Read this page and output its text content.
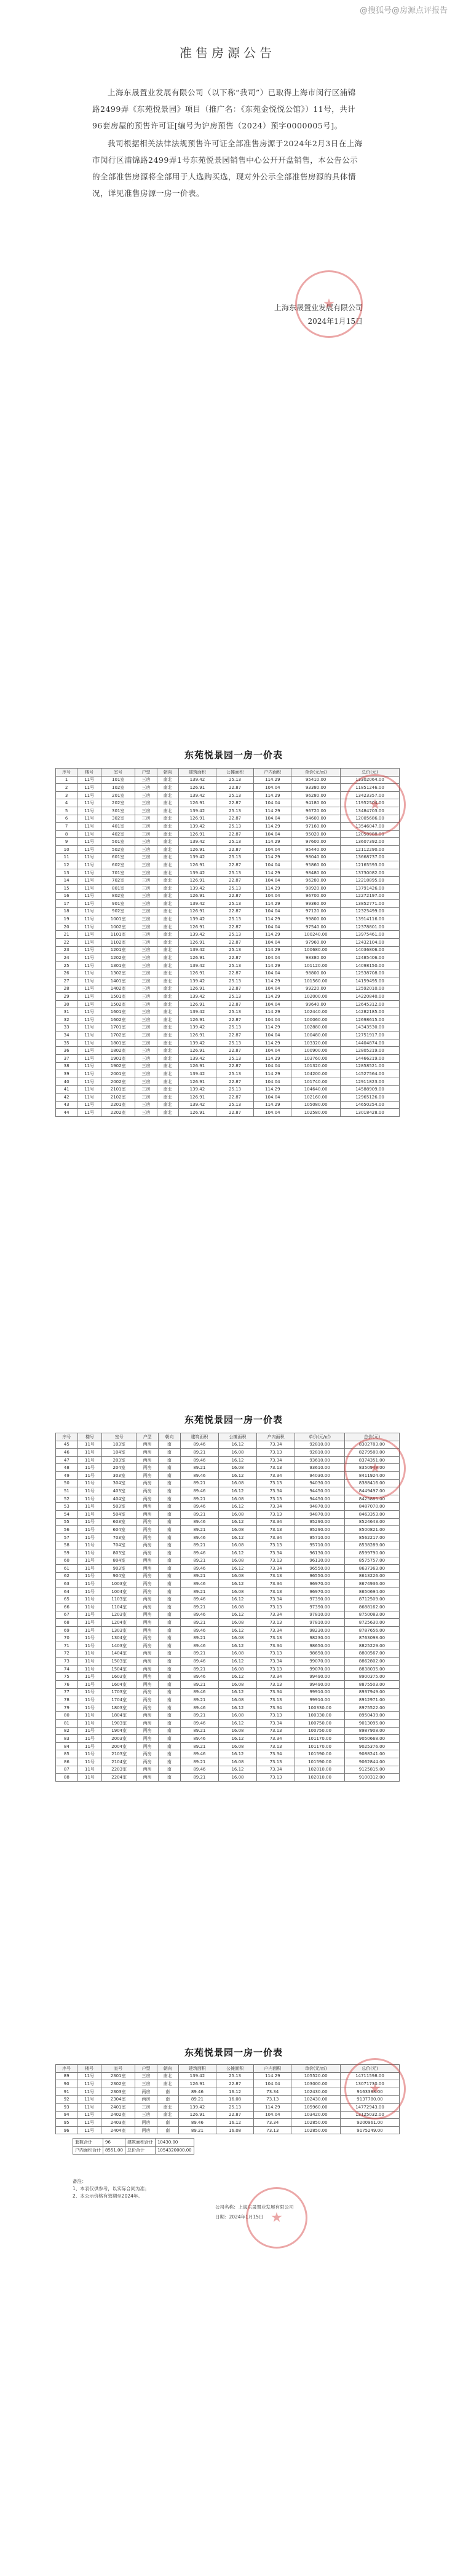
@搜狐号@房源点评报告
准售房源公告

上海东晟置业发展有限公司（以下称“我司”）已取得上海市闵行区浦锦路2499弄《东苑悦景园》项目（推广名：《东苑金悦悦公馆》）11号，共计96套房屋的预售许可证[编号为沪房预售（2024）预字0000005号]。

我司根据相关法律法规预售许可证全部准售房源于2024年2月3日在上海市闵行区浦锦路2499弄1号东苑悦景园销售中心公开开盘销售，本公告公示的全部准售房源将全部用于人选购买选，现对外公示全部准售房源的具体情况，详见准售房源一房一价表。

上海东晟置业发展有限公司
2024年1月15日
★
东苑悦景园一房一价表
序号	楼号	室号	户型	朝向	建筑面积	公摊面积	户内面积	单价(元/㎡)	总价(元)
1	11号	101室	三房	南北	139.42	25.13	114.29	95410.00	13302064.00
2	11号	102室	三房	南北	126.91	22.87	104.04	93380.00	11851246.00
3	11号	201室	三房	南北	139.42	25.13	114.29	96280.00	13423357.00
4	11号	202室	三房	南北	126.91	22.87	104.04	94180.00	11952504.00
5	11号	301室	三房	南北	139.42	25.13	114.29	96720.00	13484703.00
6	11号	302室	三房	南北	126.91	22.87	104.04	94600.00	12005686.00
7	11号	401室	三房	南北	139.42	25.13	114.29	97160.00	13546047.00
8	11号	402室	三房	南北	126.91	22.87	104.04	95020.00	12058988.00
9	11号	501室	三房	南北	139.42	25.13	114.29	97600.00	13607392.00
10	11号	502室	三房	南北	126.91	22.87	104.04	95440.00	12112290.00
11	11号	601室	三房	南北	139.42	25.13	114.29	98040.00	13668737.00
12	11号	602室	三房	南北	126.91	22.87	104.04	95860.00	12165593.00
13	11号	701室	三房	南北	139.42	25.13	114.29	98480.00	13730082.00
14	11号	702室	三房	南北	126.91	22.87	104.04	96280.00	12218895.00
15	11号	801室	三房	南北	139.42	25.13	114.29	98920.00	13791426.00
16	11号	802室	三房	南北	126.91	22.87	104.04	96700.00	12272197.00
17	11号	901室	三房	南北	139.42	25.13	114.29	99360.00	13852771.00
18	11号	902室	三房	南北	126.91	22.87	104.04	97120.00	12325499.00
19	11号	1001室	三房	南北	139.42	25.13	114.29	99800.00	13914116.00
20	11号	1002室	三房	南北	126.91	22.87	104.04	97540.00	12378801.00
21	11号	1101室	三房	南北	139.42	25.13	114.29	100240.00	13975461.00
22	11号	1102室	三房	南北	126.91	22.87	104.04	97960.00	12432104.00
23	11号	1201室	三房	南北	139.42	25.13	114.29	100680.00	14036806.00
24	11号	1202室	三房	南北	126.91	22.87	104.04	98380.00	12485406.00
25	11号	1301室	三房	南北	139.42	25.13	114.29	101120.00	14098150.00
26	11号	1302室	三房	南北	126.91	22.87	104.04	98800.00	12538708.00
27	11号	1401室	三房	南北	139.42	25.13	114.29	101560.00	14159495.00
28	11号	1402室	三房	南北	126.91	22.87	104.04	99220.00	12592010.00
29	11号	1501室	三房	南北	139.42	25.13	114.29	102000.00	14220840.00
30	11号	1502室	三房	南北	126.91	22.87	104.04	99640.00	12645312.00
31	11号	1601室	三房	南北	139.42	25.13	114.29	102440.00	14282185.00
32	11号	1602室	三房	南北	126.91	22.87	104.04	100060.00	12698615.00
33	11号	1701室	三房	南北	139.42	25.13	114.29	102880.00	14343530.00
34	11号	1702室	三房	南北	126.91	22.87	104.04	100480.00	12751917.00
35	11号	1801室	三房	南北	139.42	25.13	114.29	103320.00	14404874.00
36	11号	1802室	三房	南北	126.91	22.87	104.04	100900.00	12805219.00
37	11号	1901室	三房	南北	139.42	25.13	114.29	103760.00	14466219.00
38	11号	1902室	三房	南北	126.91	22.87	104.04	101320.00	12858521.00
39	11号	2001室	三房	南北	139.42	25.13	114.29	104200.00	14527564.00
40	11号	2002室	三房	南北	126.91	22.87	104.04	101740.00	12911823.00
41	11号	2101室	三房	南北	139.42	25.13	114.29	104640.00	14588909.00
42	11号	2102室	三房	南北	126.91	22.87	104.04	102160.00	12965126.00
43	11号	2201室	三房	南北	139.42	25.13	114.29	105080.00	14650254.00
44	11号	2202室	三房	南北	126.91	22.87	104.04	102580.00	13018428.00
★
东苑悦景园一房一价表
序号	楼号	室号	户型	朝向	建筑面积	公摊面积	户内面积	单价(元/㎡)	总价(元)
45	11号	103室	两房	南	89.46	16.12	73.34	92810.00	8302783.00
46	11号	104室	两房	南	89.21	16.08	73.13	92810.00	8279580.00
47	11号	203室	两房	南	89.46	16.12	73.34	93610.00	8374351.00
48	11号	204室	两房	南	89.21	16.08	73.13	93610.00	8350948.00
49	11号	303室	两房	南	89.46	16.12	73.34	94030.00	8411924.00
50	11号	304室	两房	南	89.21	16.08	73.13	94030.00	8388416.00
51	11号	403室	两房	南	89.46	16.12	73.34	94450.00	8449497.00
52	11号	404室	两房	南	89.21	16.08	73.13	94450.00	8425885.00
53	11号	503室	两房	南	89.46	16.12	73.34	94870.00	8487070.00
54	11号	504室	两房	南	89.21	16.08	73.13	94870.00	8463353.00
55	11号	603室	两房	南	89.46	16.12	73.34	95290.00	8524643.00
56	11号	604室	两房	南	89.21	16.08	73.13	95290.00	8500821.00
57	11号	703室	两房	南	89.46	16.12	73.34	95710.00	8562217.00
58	11号	704室	两房	南	89.21	16.08	73.13	95710.00	8538289.00
59	11号	803室	两房	南	89.46	16.12	73.34	96130.00	8599790.00
60	11号	804室	两房	南	89.21	16.08	73.13	96130.00	8575757.00
61	11号	903室	两房	南	89.46	16.12	73.34	96550.00	8637363.00
62	11号	904室	两房	南	89.21	16.08	73.13	96550.00	8613226.00
63	11号	1003室	两房	南	89.46	16.12	73.34	96970.00	8674936.00
64	11号	1004室	两房	南	89.21	16.08	73.13	96970.00	8650694.00
65	11号	1103室	两房	南	89.46	16.12	73.34	97390.00	8712509.00
66	11号	1104室	两房	南	89.21	16.08	73.13	97390.00	8688162.00
67	11号	1203室	两房	南	89.46	16.12	73.34	97810.00	8750083.00
68	11号	1204室	两房	南	89.21	16.08	73.13	97810.00	8725630.00
69	11号	1303室	两房	南	89.46	16.12	73.34	98230.00	8787656.00
70	11号	1304室	两房	南	89.21	16.08	73.13	98230.00	8763098.00
71	11号	1403室	两房	南	89.46	16.12	73.34	98650.00	8825229.00
72	11号	1404室	两房	南	89.21	16.08	73.13	98650.00	8800567.00
73	11号	1503室	两房	南	89.46	16.12	73.34	99070.00	8862802.00
74	11号	1504室	两房	南	89.21	16.08	73.13	99070.00	8838035.00
75	11号	1603室	两房	南	89.46	16.12	73.34	99490.00	8900375.00
76	11号	1604室	两房	南	89.21	16.08	73.13	99490.00	8875503.00
77	11号	1703室	两房	南	89.46	16.12	73.34	99910.00	8937949.00
78	11号	1704室	两房	南	89.21	16.08	73.13	99910.00	8912971.00
79	11号	1803室	两房	南	89.46	16.12	73.34	100330.00	8975522.00
80	11号	1804室	两房	南	89.21	16.08	73.13	100330.00	8950439.00
81	11号	1903室	两房	南	89.46	16.12	73.34	100750.00	9013095.00
82	11号	1904室	两房	南	89.21	16.08	73.13	100750.00	8987908.00
83	11号	2003室	两房	南	89.46	16.12	73.34	101170.00	9050668.00
84	11号	2004室	两房	南	89.21	16.08	73.13	101170.00	9025376.00
85	11号	2103室	两房	南	89.46	16.12	73.34	101590.00	9088241.00
86	11号	2104室	两房	南	89.21	16.08	73.13	101590.00	9062844.00
87	11号	2203室	两房	南	89.46	16.12	73.34	102010.00	9125815.00
88	11号	2204室	两房	南	89.21	16.08	73.13	102010.00	9100312.00
★
东苑悦景园一房一价表
序号	楼号	室号	户型	朝向	建筑面积	公摊面积	户内面积	单价(元/㎡)	总价(元)
89	11号	2301室	三房	南北	139.42	25.13	114.29	105520.00	14711598.00
90	11号	2302室	三房	南北	126.91	22.87	104.04	103000.00	13071730.00
91	11号	2303室	两房	南	89.46	16.12	73.34	102430.00	9163388.00
92	11号	2304室	两房	南	89.21	16.08	73.13	102430.00	9137780.00
93	11号	2401室	三房	南北	139.42	25.13	114.29	105960.00	14772943.00
94	11号	2402室	三房	南北	126.91	22.87	104.04	103420.00	13125032.00
95	11号	2403室	两房	南	89.46	16.12	73.34	102850.00	9200961.00
96	11号	2404室	两房	南	89.21	16.08	73.13	102850.00	9175249.00
★
套数合计	96	建筑面积合计	10430.00
户内面积合计	8551.00	总价合计	1054320000.00
备注：
1、本表仅供参考，以实际合同为准；
2、本公示价格有效期至2024年。
公司名称：上海东晟置业发展有限公司
日期：2024年1月15日
★
